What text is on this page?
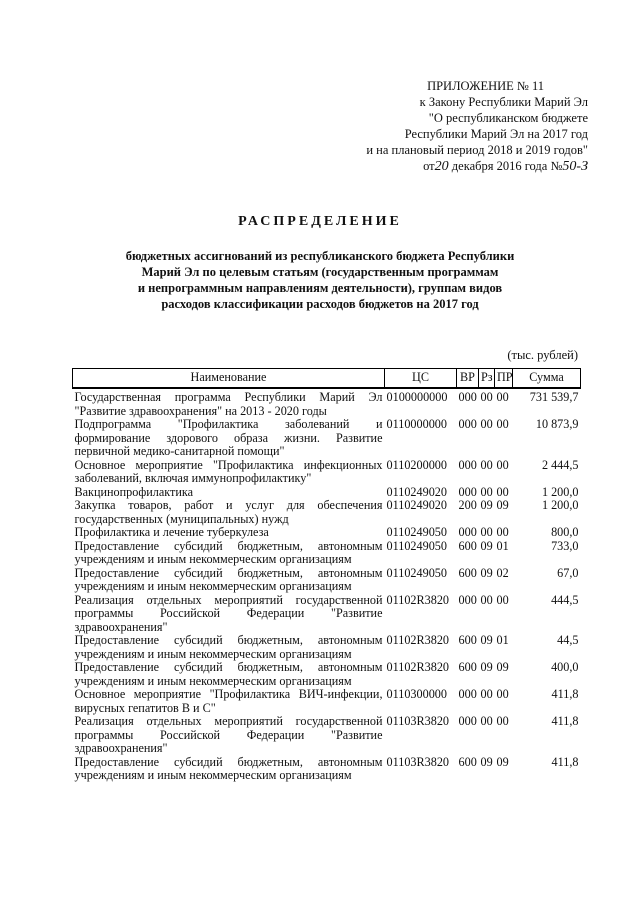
ПРИЛОЖЕНИЕ № 11
к Закону Республики Марий Эл
"О республиканском бюджете
Республики Марий Эл на 2017 год
и на плановый период 2018 и 2019 годов"
от20 декабря 2016 года №50-З
РАСПРЕДЕЛЕНИЕ
бюджетных ассигнований из республиканского бюджета Республики
Марий Эл по целевым статьям (государственным программам
и непрограммным направлениям деятельности), группам видов
расходов классификации расходов бюджетов на 2017 год
(тыс. рублей)
Наименование	ЦС	ВР	Рз	ПР	Сумма
Государственная программа Республики Марий Эл "Развитие здравоохранения" на 2013 - 2020 годы	0100000000	000	00	00	731 539,7
Подпрограмма "Профилактика заболеваний и формирование здорового образа жизни. Развитие первичной медико-санитарной помощи"	0110000000	000	00	00	10 873,9
Основное мероприятие "Профилактика инфекционных заболеваний, включая иммунопрофилактику"	0110200000	000	00	00	2 444,5
Вакцинопрофилактика	0110249020	000	00	00	1 200,0
Закупка товаров, работ и услуг для обеспечения государственных (муниципальных) нужд	0110249020	200	09	09	1 200,0
Профилактика и лечение туберкулеза	0110249050	000	00	00	800,0
Предоставление субсидий бюджетным, автономным учреждениям и иным некоммерческим организациям	0110249050	600	09	01	733,0
Предоставление субсидий бюджетным, автономным учреждениям и иным некоммерческим организациям	0110249050	600	09	02	67,0
Реализация отдельных мероприятий государственной программы Российской Федерации "Развитие здравоохранения"	01102R3820	000	00	00	444,5
Предоставление субсидий бюджетным, автономным учреждениям и иным некоммерческим организациям	01102R3820	600	09	01	44,5
Предоставление субсидий бюджетным, автономным учреждениям и иным некоммерческим организациям	01102R3820	600	09	09	400,0
Основное мероприятие "Профилактика ВИЧ-инфекции, вирусных гепатитов В и С"	0110300000	000	00	00	411,8
Реализация отдельных мероприятий государственной программы Российской Федерации "Развитие здравоохранения"	01103R3820	000	00	00	411,8
Предоставление субсидий бюджетным, автономным учреждениям и иным некоммерческим организациям	01103R3820	600	09	09	411,8
